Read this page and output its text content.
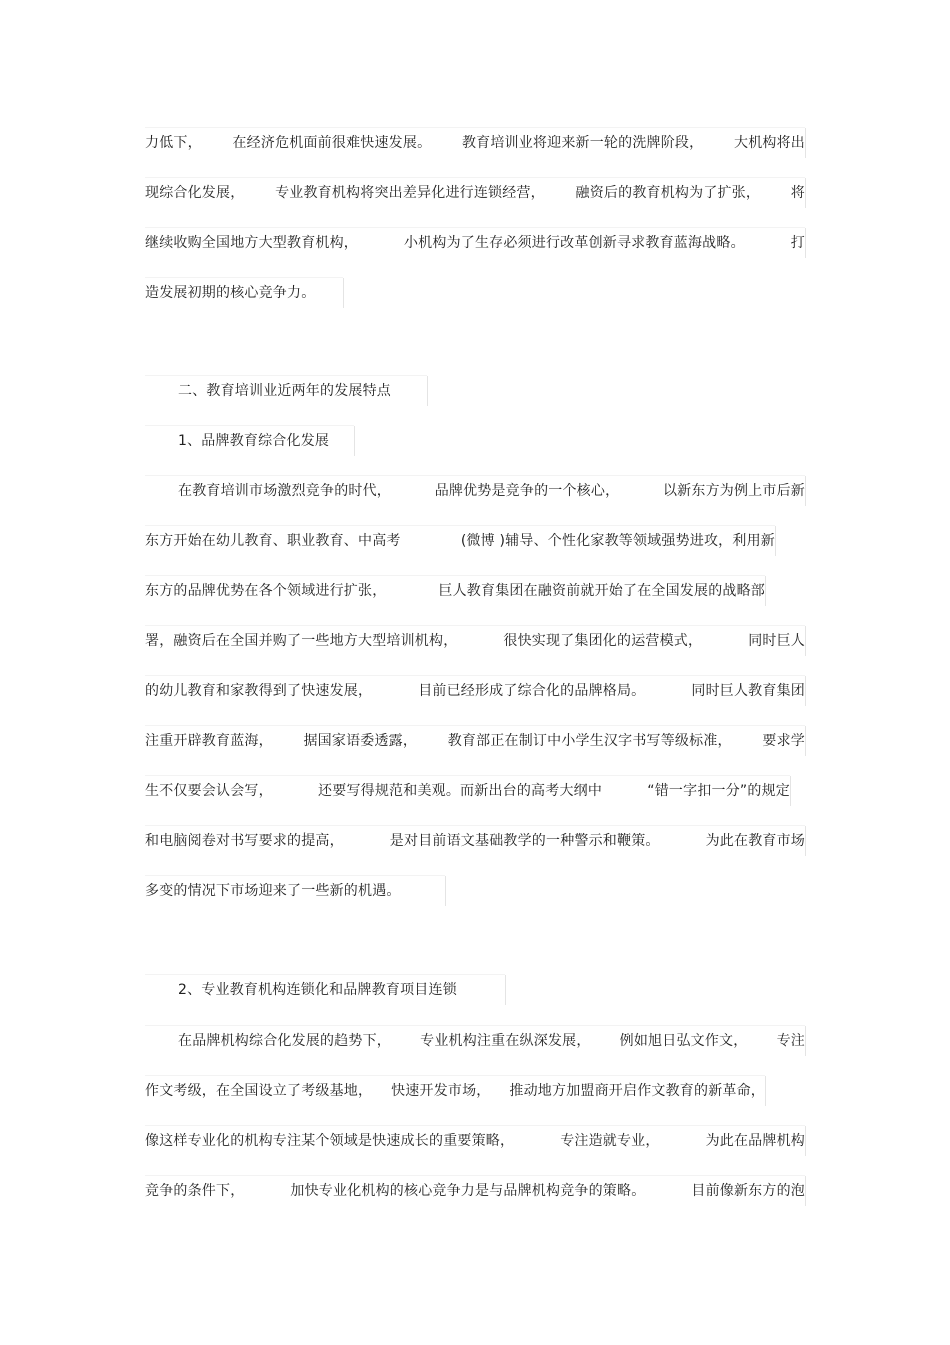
力低下， 在经济危机面前很难快速发展。 教育培训业将迎来新一轮的洗牌阶段， 大机构将出
现综合化发展， 专业教育机构将突出差异化进行连锁经营， 融资后的教育机构为了扩张， 将
继续收购全国地方大型教育机构，	小机构为了生存必须进行改革创新寻求教育蓝海战略。	打
造发展初期的核心竞争力。
二、教育培训业近两年的发展特点
1、品牌教育综合化发展
在教育培训市场激烈竞争的时代，	品牌优势是竞争的一个核心，	以新东方为例上市后新
东方开始在幼儿教育、职业教育、中高考	(微博 )辅导、个性化家教等领域强势进攻，利用新
东方的品牌优势在各个领域进行扩张，	巨人教育集团在融资前就开始了在全国发展的战略部
署，融资后在全国并购了一些地方大型培训机构，	很快实现了集团化的运营模式，	同时巨人
的幼儿教育和家教得到了快速发展，	目前已经形成了综合化的品牌格局。	同时巨人教育集团
注重开辟教育蓝海， 据国家语委透露， 教育部正在制订中小学生汉字书写等级标准， 要求学
生不仅要会认会写，	还要写得规范和美观。而新出台的高考大纲中	“错一字扣一分”的规定
和电脑阅卷对书写要求的提高，	是对目前语文基础教学的一种警示和鞭策。	为此在教育市场
多变的情况下市场迎来了一些新的机遇。
2、专业教育机构连锁化和品牌教育项目连锁
在品牌机构综合化发展的趋势下， 专业机构注重在纵深发展， 例如旭日弘文作文， 专注
作文考级，在全国设立了考级基地， 快速开发市场， 推动地方加盟商开启作文教育的新革命，
像这样专业化的机构专注某个领域是快速成长的重要策略，	专注造就专业，	为此在品牌机构
竞争的条件下，	加快专业化机构的核心竞争力是与品牌机构竞争的策略。	目前像新东方的泡
